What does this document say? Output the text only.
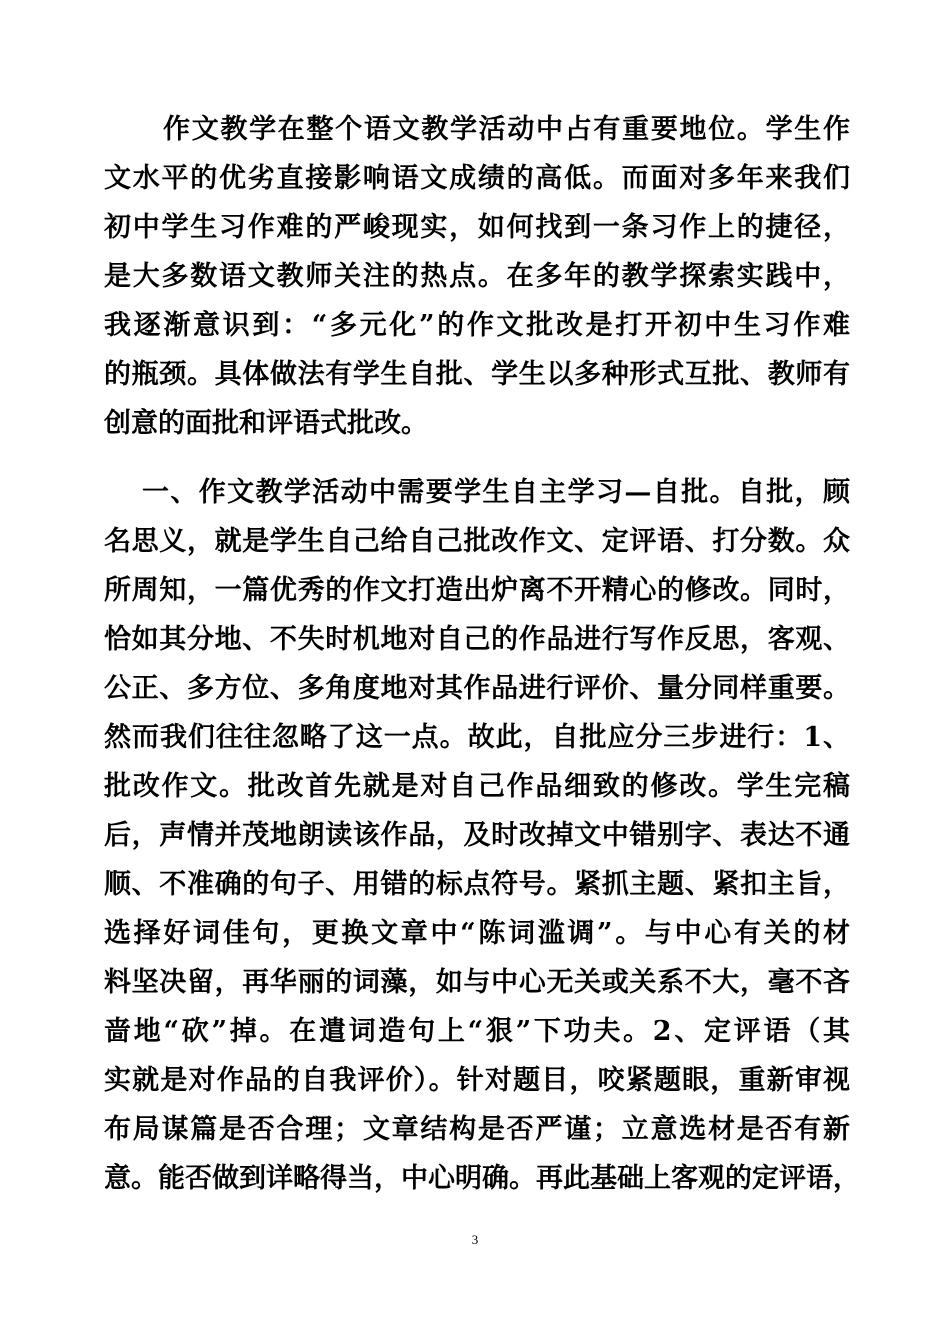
作文教学在整个语文教学活动中占有重要地位。学生作
文水平的优劣直接影响语文成绩的高低。而面对多年来我们
初中学生习作难的严峻现实，如何找到一条习作上的捷径，
是大多数语文教师关注的热点。在多年的教学探索实践中，
我逐渐意识到：“多元化”的作文批改是打开初中生习作难
的瓶颈。具体做法有学生自批、学生以多种形式互批、教师有
创意的面批和评语式批改。
一、作文教学活动中需要学生自主学习—自批。自批，顾
名思义，就是学生自己给自己批改作文、定评语、打分数。众
所周知，一篇优秀的作文打造出炉离不开精心的修改。同时，
恰如其分地、不失时机地对自己的作品进行写作反思，客观、
公正、多方位、多角度地对其作品进行评价、量分同样重要。
然而我们往往忽略了这一点。故此，自批应分三步进行：1、
批改作文。批改首先就是对自己作品细致的修改。学生完稿
后，声情并茂地朗读该作品，及时改掉文中错别字、表达不通
顺、不准确的句子、用错的标点符号。紧抓主题、紧扣主旨，
选择好词佳句，更换文章中“陈词滥调”。与中心有关的材
料坚决留，再华丽的词藻，如与中心无关或关系不大，毫不吝
啬地“砍”掉。在遣词造句上“狠”下功夫。2、定评语（其
实就是对作品的自我评价）。针对题目，咬紧题眼，重新审视
布局谋篇是否合理；文章结构是否严谨；立意选材是否有新
意。能否做到详略得当，中心明确。再此基础上客观的定评语，
3
